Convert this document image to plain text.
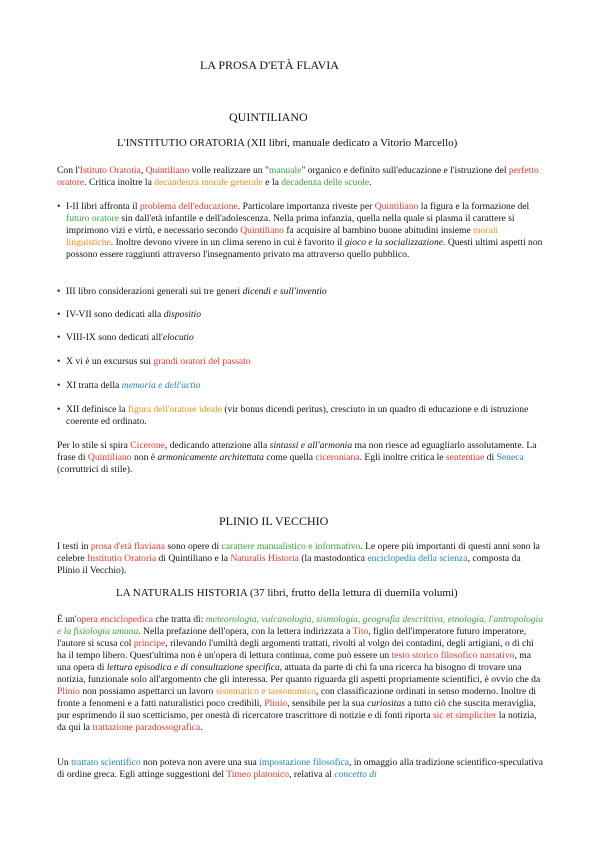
LA PROSA D'ETÀ FLAVIA
QUINTILIANO
L'INSTITUTIO ORATORIA (XII libri, manuale dedicato a Vitorio Marcello)
Con l'Istituto Oratotia, Quintiliano volle realizzare un "manuale" organico e definito sull'educazione e l'istruzione del perfetto oratore. Critica inoltre la decandenza morale generale e la decadenza delle scuole.
• I-II libri affronta il problema dell'educazione. Particolare importanza riveste per Quintiliano la figura e la formazione del futuro oratore sin dall'età infantile e dell'adolescenza. Nella prima infanzia, quella nella quale si plasma il carattere si imprimono vizi e virtù, e necessario secondo Quintiliano fa acquisire al bambino buone abitudini insieme morali linguistiche. Inoltre devono vivere in un clima sereno in cui è favorito il gioco e la socializzazione. Questi ultimi aspetti non possono essere raggiunti attraverso l'insegnamento privato ma attraverso quello pubblico.
• III libro considerazioni generali sui tre generi dicendi e sull'inventio
• IV-VII sono dedicati alla dispositio
• VIII-IX sono dedicati all'elocutio
• X vi è un excursus sui grandi oratori del passato
• XI tratta della memoria e dell'actio
• XII definisce la figura dell'oratore ideale (vir bonus dicendi peritus), cresciuto in un quadro di educazione e di istruzione coerente ed ordinato.
Per lo stile si spira Cicerone, dedicando attenzione alla sintassi e all'armonia ma non riesce ad eguagliarlo assolutamente. La frase di Quintiliano non è armonicamente architettata come quella ciceroniana. Egli inoltre critica le sententiae di Seneca (corruttrici di stile).
PLINIO IL VECCHIO
I testi in prosa d'età flaviana sono opere di carattere manualistico e informativo. Le opere più importanti di questi anni sono la celebre Institutio Oratoria di Quintiliano e la Naturalis Historia (la mastodontica enciclopedia della scienza, composta da Plinio il Vecchio).
LA NATURALIS HISTORIA (37 libri, frutto della lettura di duemila volumi)
È un'opera enciclopedica che tratta di: meteorologia, vulcanologia, sismologia, geografia descrittiva, etnologia, l'antropologia e la fisiologia umana. Nella prefazione dell'opera, con la lettera indirizzata a Tito, figlio dell'imperatore futuro imperatore, l'autore si scusa col principe, rilevando l'umiltà degli argomenti trattati, rivolti al volgo dei contadini, degli artigiani, o di chi ha il tempo libero. Quest'ultima non è un'opera di lettura continua, come può essere un testo storico filosofico narrativo, ma una opera di lettura episodica e di consultazione specifica, attuata da parte di chi fa una ricerca ha bisogno di trovare una notizia, funzionale solo all'argomento che gli interessa. Per quanto riguarda gli aspetti propriamente scientifici, è ovvio che da Plinio non possiamo aspettarci un lavoro sistematico e tassonomico, con classificazione ordinati in senso moderno. Inoltre di fronte a fenomeni e a fatti naturalistici poco credibili, Plinio, sensibile per la sua curiositas a tutto ciò che suscita meraviglia, pur esprimendo il suo scetticismo, per onestà di ricercatore trascrittore di notizie e di fonti riporta sic et simpliciter la notizia, da qui la trattazione paradossografica.
Un trattato scientifico non poteva non avere una sua impostazione filosofica, in omaggio alla tradizione scientifico-speculativa di ordine greca. Egli attinge suggestioni del Timeo platonico, relativa al concetto di
